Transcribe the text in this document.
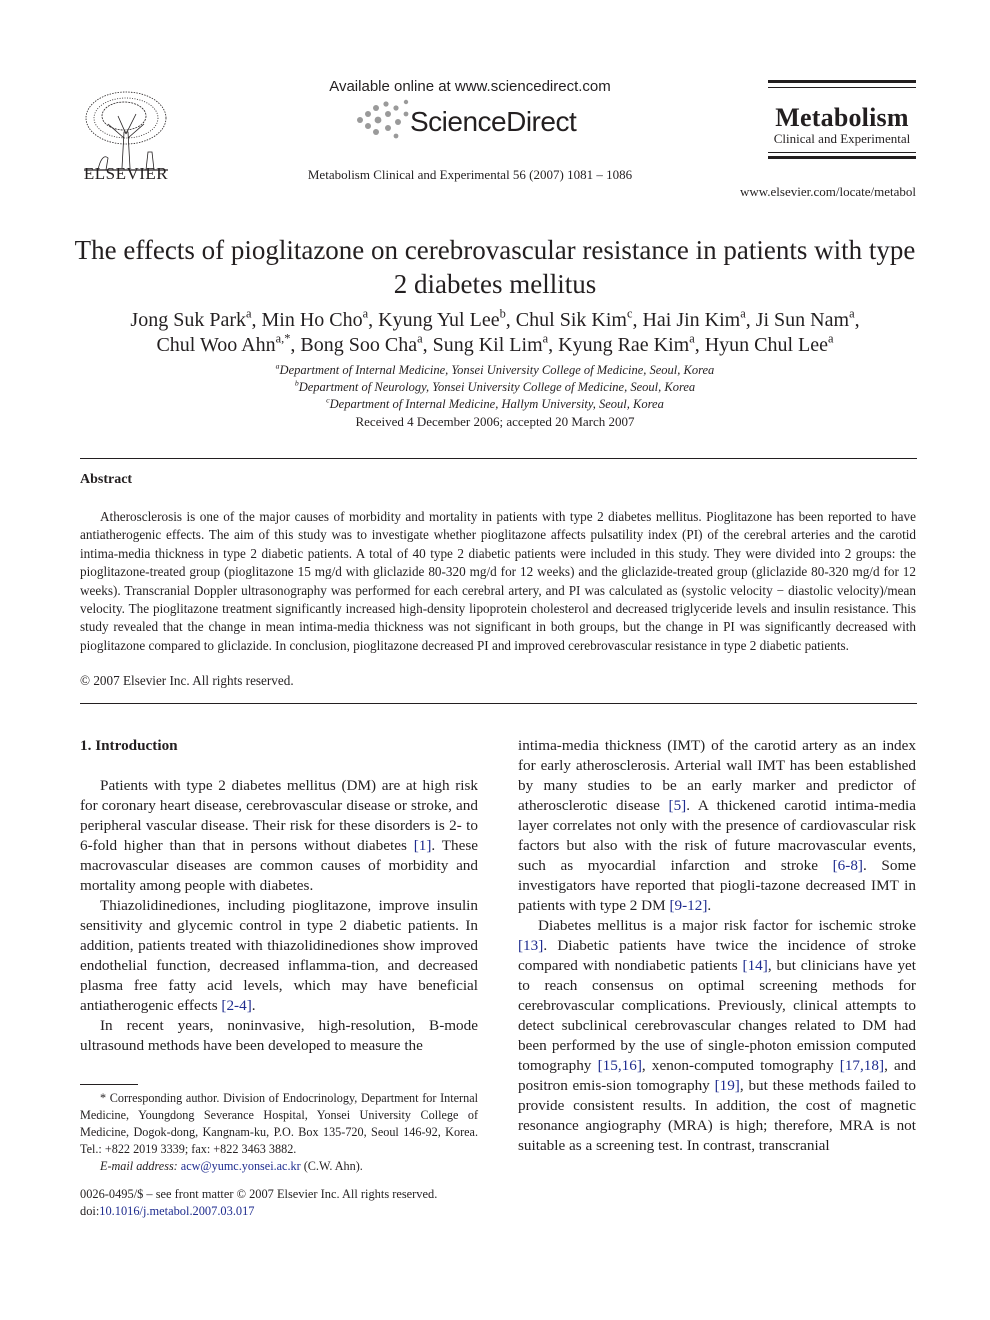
ELSEVIER
Available online at www.sciencedirect.com
ScienceDirect
Metabolism Clinical and Experimental 56 (2007) 1081 – 1086
Metabolism
Clinical and Experimental
www.elsevier.com/locate/metabol
The effects of pioglitazone on cerebrovascular resistance in patients with type 2 diabetes mellitus
Jong Suk Park$^a$, Min Ho Cho$^a$, Kyung Yul Lee$^b$, Chul Sik Kim$^c$, Hai Jin Kim$^a$, Ji Sun Nam$^a$,
Chul Woo Ahn$^{a,*}$, Bong Soo Cha$^a$, Sung Kil Lim$^a$, Kyung Rae Kim$^a$, Hyun Chul Lee$^a$
$^a$Department of Internal Medicine, Yonsei University College of Medicine, Seoul, Korea
$^b$Department of Neurology, Yonsei University College of Medicine, Seoul, Korea
$^c$Department of Internal Medicine, Hallym University, Seoul, Korea
Received 4 December 2006; accepted 20 March 2007
Abstract

Atherosclerosis is one of the major causes of morbidity and mortality in patients with type 2 diabetes mellitus. Pioglitazone has been reported to have antiatherogenic effects. The aim of this study was to investigate whether pioglitazone affects pulsatility index (PI) of the cerebral arteries and the carotid intima-media thickness in type 2 diabetic patients. A total of 40 type 2 diabetic patients were included in this study. They were divided into 2 groups: the pioglitazone-treated group (pioglitazone 15 mg/d with gliclazide 80-320 mg/d for 12 weeks) and the gliclazide-treated group (gliclazide 80-320 mg/d for 12 weeks). Transcranial Doppler ultrasonography was performed for each cerebral artery, and PI was calculated as (systolic velocity − diastolic velocity)/mean velocity. The pioglitazone treatment significantly increased high-density lipoprotein cholesterol and decreased triglyceride levels and insulin resistance. This study revealed that the change in mean intima-media thickness was not significant in both groups, but the change in PI was significantly decreased with pioglitazone compared to gliclazide. In conclusion, pioglitazone decreased PI and improved cerebrovascular resistance in type 2 diabetic patients.

© 2007 Elsevier Inc. All rights reserved.

1. Introduction

Patients with type 2 diabetes mellitus (DM) are at high risk for coronary heart disease, cerebrovascular disease or stroke, and peripheral vascular disease. Their risk for these disorders is 2- to 6-fold higher than that in persons without diabetes [1]. These macrovascular diseases are common causes of morbidity and mortality among people with diabetes.

Thiazolidinediones, including pioglitazone, improve insulin sensitivity and glycemic control in type 2 diabetic patients. In addition, patients treated with thiazolidinediones show improved endothelial function, decreased inflamma-tion, and decreased plasma free fatty acid levels, which may have beneficial antiatherogenic effects [2-4].

In recent years, noninvasive, high-resolution, B-mode ultrasound methods have been developed to measure the

intima-media thickness (IMT) of the carotid artery as an index for early atherosclerosis. Arterial wall IMT has been established by many studies to be an early marker and predictor of atherosclerotic disease [5]. A thickened carotid intima-media layer correlates not only with the presence of cardiovascular risk factors but also with the risk of future macrovascular events, such as myocardial infarction and stroke [6-8]. Some investigators have reported that piogli-tazone decreased IMT in patients with type 2 DM [9-12].

Diabetes mellitus is a major risk factor for ischemic stroke [13]. Diabetic patients have twice the incidence of stroke compared with nondiabetic patients [14], but clinicians have yet to reach consensus on optimal screening methods for cerebrovascular complications. Previously, clinical attempts to detect subclinical cerebrovascular changes related to DM had been performed by the use of single-photon emission computed tomography [15,16], xenon-computed tomography [17,18], and positron emis-sion tomography [19], but these methods failed to provide consistent results. In addition, the cost of magnetic resonance angiography (MRA) is high; therefore, MRA is not suitable as a screening test. In contrast, transcranial

* Corresponding author. Division of Endocrinology, Department for Internal Medicine, Youngdong Severance Hospital, Yonsei University College of Medicine, Dogok-dong, Kangnam-ku, P.O. Box 135-720, Seoul 146-92, Korea. Tel.: +822 2019 3339; fax: +822 3463 3882.

E-mail address: acw@yumc.yonsei.ac.kr (C.W. Ahn).

0026-0495/$ – see front matter © 2007 Elsevier Inc. All rights reserved.
doi:10.1016/j.metabol.2007.03.017
